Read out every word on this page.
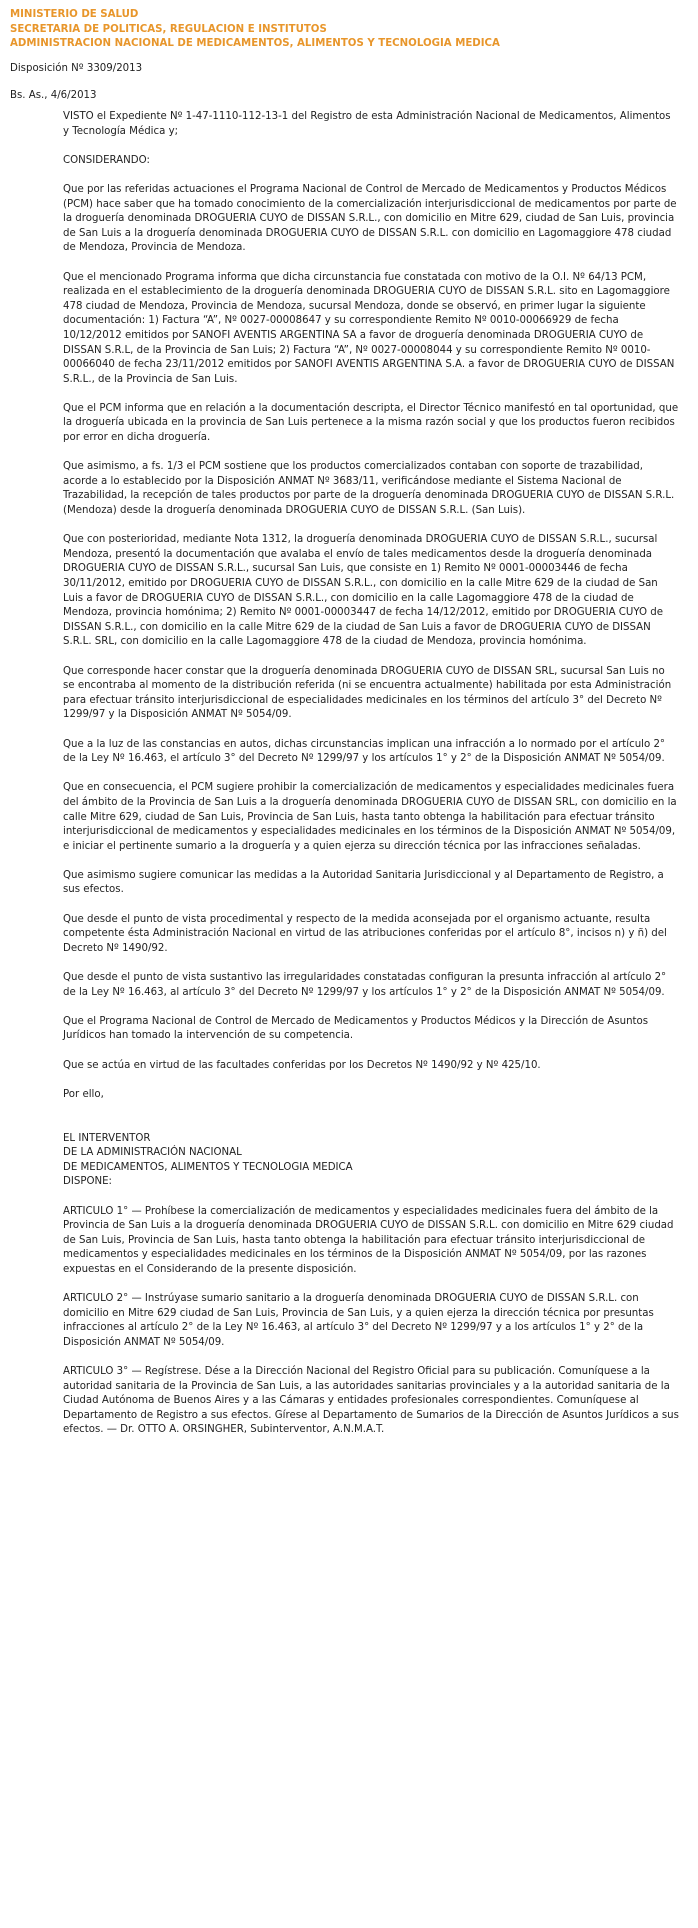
MINISTERIO DE SALUD
SECRETARIA DE POLITICAS, REGULACION E INSTITUTOS
ADMINISTRACION NACIONAL DE MEDICAMENTOS, ALIMENTOS Y TECNOLOGIA MEDICA
Disposición Nº 3309/2013
Bs. As., 4/6/2013

VISTO el Expediente Nº 1-47-1110-112-13-1 del Registro de esta Administración Nacional de Medicamentos, Alimentos y Tecnología Médica y;

CONSIDERANDO:

Que por las referidas actuaciones el Programa Nacional de Control de Mercado de Medicamentos y Productos Médicos (PCM) hace saber que ha tomado conocimiento de la comercialización interjurisdiccional de medicamentos por parte de la droguería denominada DROGUERIA CUYO de DISSAN S.R.L., con domicilio en Mitre 629, ciudad de San Luis, provincia de San Luis a la droguería denominada DROGUERIA CUYO de DISSAN S.R.L. con domicilio en Lagomaggiore 478 ciudad de Mendoza, Provincia de Mendoza.

Que el mencionado Programa informa que dicha circunstancia fue constatada con motivo de la O.I. Nº 64/13 PCM, realizada en el establecimiento de la droguería denominada DROGUERIA CUYO de DISSAN S.R.L. sito en Lagomaggiore 478 ciudad de Mendoza, Provincia de Mendoza, sucursal Mendoza, donde se observó, en primer lugar la siguiente documentación: 1) Factura “A”, Nº 0027-00008647 y su correspondiente Remito Nº 0010-00066929 de fecha 10/12/2012 emitidos por SANOFI AVENTIS ARGENTINA SA a favor de droguería denominada DROGUERIA CUYO de DISSAN S.R.L, de la Provincia de San Luis; 2) Factura “A”, Nº 0027-00008044 y su correspondiente Remito Nº 0010-00066040 de fecha 23/11/2012 emitidos por SANOFI AVENTIS ARGENTINA S.A. a favor de DROGUERIA CUYO de DISSAN S.R.L., de la Provincia de San Luis.

Que el PCM informa que en relación a la documentación descripta, el Director Técnico manifestó en tal oportunidad, que la droguería ubicada en la provincia de San Luis pertenece a la misma razón social y que los productos fueron recibidos por error en dicha droguería.

Que asimismo, a fs. 1/3 el PCM sostiene que los productos comercializados contaban con soporte de trazabilidad, acorde a lo establecido por la Disposición ANMAT Nº 3683/11, verificándose mediante el Sistema Nacional de Trazabilidad, la recepción de tales productos por parte de la droguería denominada DROGUERIA CUYO de DISSAN S.R.L. (Mendoza) desde la droguería denominada DROGUERIA CUYO de DISSAN S.R.L. (San Luis).

Que con posterioridad, mediante Nota 1312, la droguería denominada DROGUERIA CUYO de DISSAN S.R.L., sucursal Mendoza, presentó la documentación que avalaba el envío de tales medicamentos desde la droguería denominada DROGUERIA CUYO de DISSAN S.R.L., sucursal San Luis, que consiste en 1) Remito Nº 0001-00003446 de fecha 30/11/2012, emitido por DROGUERIA CUYO de DISSAN S.R.L., con domicilio en la calle Mitre 629 de la ciudad de San Luis a favor de DROGUERIA CUYO de DISSAN S.R.L., con domicilio en la calle Lagomaggiore 478 de la ciudad de Mendoza, provincia homónima; 2) Remito Nº 0001-00003447 de fecha 14/12/2012, emitido por DROGUERIA CUYO de DISSAN S.R.L., con domicilio en la calle Mitre 629 de la ciudad de San Luis a favor de DROGUERIA CUYO de DISSAN S.R.L. SRL, con domicilio en la calle Lagomaggiore 478 de la ciudad de Mendoza, provincia homónima.

Que corresponde hacer constar que la droguería denominada DROGUERIA CUYO de DISSAN SRL, sucursal San Luis no se encontraba al momento de la distribución referida (ni se encuentra actualmente) habilitada por esta Administración para efectuar tránsito interjurisdiccional de especialidades medicinales en los términos del artículo 3° del Decreto Nº 1299/97 y la Disposición ANMAT Nº 5054/09.

Que a la luz de las constancias en autos, dichas circunstancias implican una infracción a lo normado por el artículo 2° de la Ley Nº 16.463, el artículo 3° del Decreto Nº 1299/97 y los artículos 1° y 2° de la Disposición ANMAT Nº 5054/09.

Que en consecuencia, el PCM sugiere prohibir la comercialización de medicamentos y especialidades medicinales fuera del ámbito de la Provincia de San Luis a la droguería denominada DROGUERIA CUYO de DISSAN SRL, con domicilio en la calle Mitre 629, ciudad de San Luis, Provincia de San Luis, hasta tanto obtenga la habilitación para efectuar tránsito interjurisdiccional de medicamentos y especialidades medicinales en los términos de la Disposición ANMAT Nº 5054/09, e iniciar el pertinente sumario a la droguería y a quien ejerza su dirección técnica por las infracciones señaladas.

Que asimismo sugiere comunicar las medidas a la Autoridad Sanitaria Jurisdiccional y al Departamento de Registro, a sus efectos.

Que desde el punto de vista procedimental y respecto de la medida aconsejada por el organismo actuante, resulta competente ésta Administración Nacional en virtud de las atribuciones conferidas por el artículo 8°, incisos n) y ñ) del Decreto Nº 1490/92.

Que desde el punto de vista sustantivo las irregularidades constatadas configuran la presunta infracción al artículo 2° de la Ley Nº 16.463, al artículo 3° del Decreto Nº 1299/97 y los artículos 1° y 2° de la Disposición ANMAT Nº 5054/09.

Que el Programa Nacional de Control de Mercado de Medicamentos y Productos Médicos y la Dirección de Asuntos Jurídicos han tomado la intervención de su competencia.

Que se actúa en virtud de las facultades conferidas por los Decretos Nº 1490/92 y Nº 425/10.

Por ello,

EL INTERVENTOR
DE LA ADMINISTRACIÓN NACIONAL
DE MEDICAMENTOS, ALIMENTOS Y TECNOLOGIA MEDICA
DISPONE:

ARTICULO 1° — Prohíbese la comercialización de medicamentos y especialidades medicinales fuera del ámbito de la Provincia de San Luis a la droguería denominada DROGUERIA CUYO de DISSAN S.R.L. con domicilio en Mitre 629 ciudad de San Luis, Provincia de San Luis, hasta tanto obtenga la habilitación para efectuar tránsito interjurisdiccional de medicamentos y especialidades medicinales en los términos de la Disposición ANMAT Nº 5054/09, por las razones expuestas en el Considerando de la presente disposición.

ARTICULO 2° — Instrúyase sumario sanitario a la droguería denominada DROGUERIA CUYO de DISSAN S.R.L. con domicilio en Mitre 629 ciudad de San Luis, Provincia de San Luis, y a quien ejerza la dirección técnica por presuntas infracciones al artículo 2° de la Ley Nº 16.463, al artículo 3° del Decreto Nº 1299/97 y a los artículos 1° y 2° de la Disposición ANMAT Nº 5054/09.

ARTICULO 3° — Regístrese. Dése a la Dirección Nacional del Registro Oficial para su publicación. Comuníquese a la autoridad sanitaria de la Provincia de San Luis, a las autoridades sanitarias provinciales y a la autoridad sanitaria de la Ciudad Autónoma de Buenos Aires y a las Cámaras y entidades profesionales correspondientes. Comuníquese al Departamento de Registro a sus efectos. Gírese al Departamento de Sumarios de la Dirección de Asuntos Jurídicos a sus efectos. — Dr. OTTO A. ORSINGHER, Subinterventor, A.N.M.A.T.
